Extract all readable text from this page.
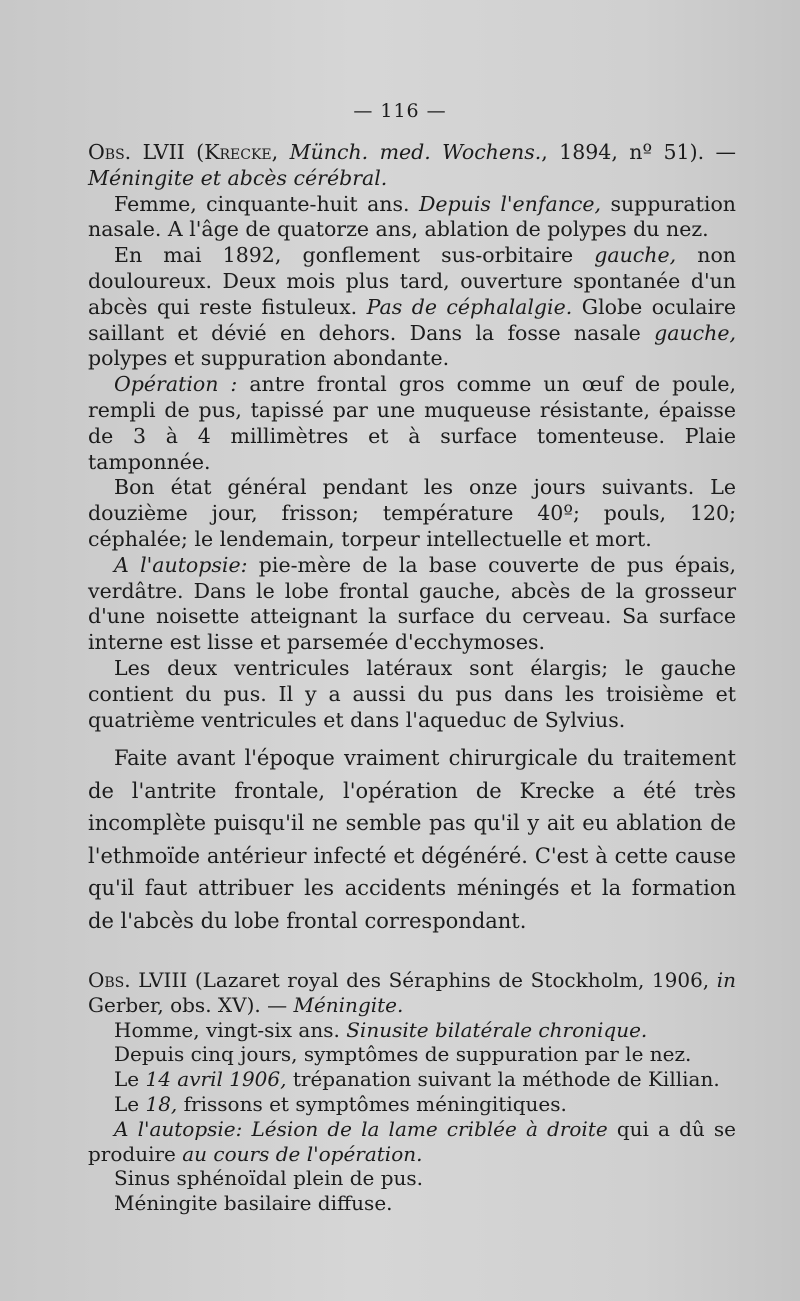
— 116 —

Obs. LVII (Krecke, Münch. med. Wochens., 1894, nº 51). — Méningite et abcès cérébral.

Femme, cinquante-huit ans. Depuis l'enfance, suppuration nasale. A l'âge de quatorze ans, ablation de polypes du nez.

En mai 1892, gonflement sus-orbitaire gauche, non douloureux. Deux mois plus tard, ouverture spontanée d'un abcès qui reste fistuleux. Pas de céphalalgie. Globe oculaire saillant et dévié en dehors. Dans la fosse nasale gauche, polypes et suppuration abondante.

Opération : antre frontal gros comme un œuf de poule, rempli de pus, tapissé par une muqueuse résistante, épaisse de 3 à 4 millimètres et à surface tomenteuse. Plaie tamponnée.

Bon état général pendant les onze jours suivants. Le douzième jour, frisson; température 40º; pouls, 120; céphalée; le lendemain, torpeur intellectuelle et mort.

A l'autopsie: pie-mère de la base couverte de pus épais, verdâtre. Dans le lobe frontal gauche, abcès de la grosseur d'une noisette atteignant la surface du cerveau. Sa surface interne est lisse et parsemée d'ecchymoses.

Les deux ventricules latéraux sont élargis; le gauche contient du pus. Il y a aussi du pus dans les troisième et quatrième ventricules et dans l'aqueduc de Sylvius.

Faite avant l'époque vraiment chirurgicale du traitement de l'antrite frontale, l'opération de Krecke a été très incomplète puisqu'il ne semble pas qu'il y ait eu ablation de l'ethmoïde antérieur infecté et dégénéré. C'est à cette cause qu'il faut attribuer les accidents méningés et la formation de l'abcès du lobe frontal correspondant.

Obs. LVIII (Lazaret royal des Séraphins de Stockholm, 1906, in Gerber, obs. XV). — Méningite.

Homme, vingt-six ans. Sinusite bilatérale chronique.

Depuis cinq jours, symptômes de suppuration par le nez.

Le 14 avril 1906, trépanation suivant la méthode de Killian.

Le 18, frissons et symptômes méningitiques.

A l'autopsie: Lésion de la lame criblée à droite qui a dû se produire au cours de l'opération.

Sinus sphénoïdal plein de pus.

Méningite basilaire diffuse.
